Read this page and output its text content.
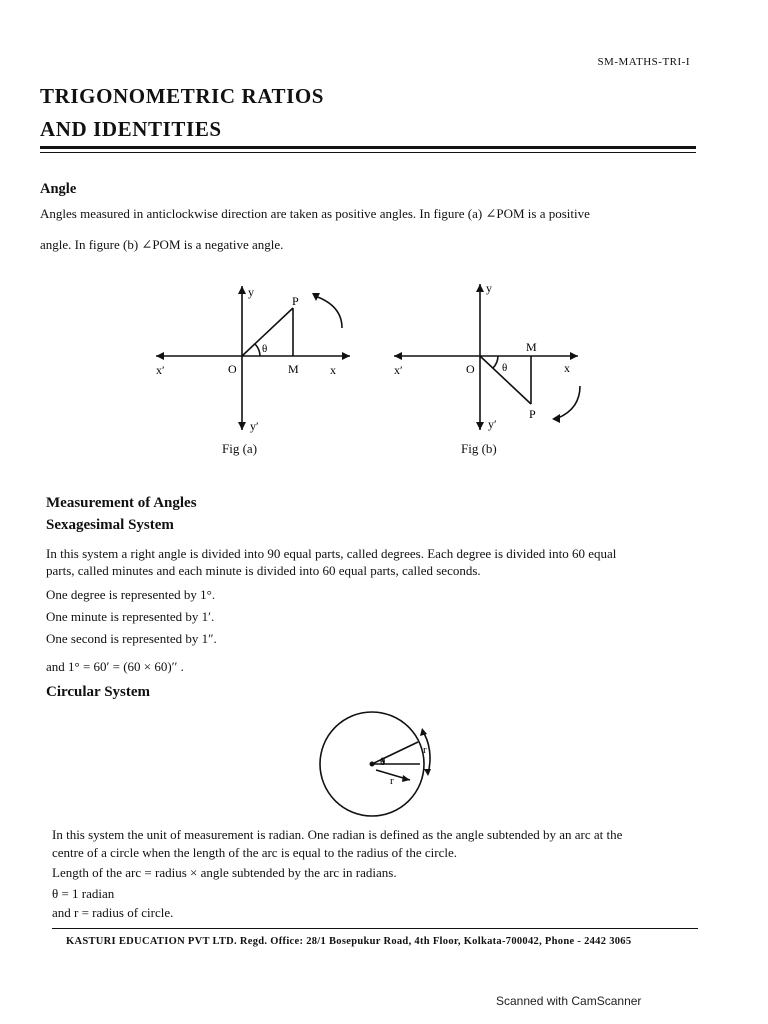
SM-MATHS-TRI-I
TRIGONOMETRIC RATIOS
AND IDENTITIES
Angle
Angles measured in anticlockwise direction are taken as positive angles. In figure (a) ∠POM is a positive
angle. In figure (b) ∠POM is a negative angle.
y
y′
x
x′	O	M
P
θ
Fig (a)
y
y′
x
x′	O
M
P
θ
Fig (b)
Measurement of Angles
Sexagesimal System
In this system a right angle is divided into 90 equal parts, called degrees. Each degree is divided into 60 equal
parts, called minutes and each minute is divided into 60 equal parts, called seconds.
One degree is represented by 1°.
One minute is represented by 1′.
One second is represented by 1″.
and 1° = 60′ = (60 × 60)′′ .
Circular System
θ
r
r
In this system the unit of measurement is radian. One radian is defined as the angle subtended by an arc at the
centre of a circle when the length of the arc is equal to the radius of the circle.
Length of the arc = radius × angle subtended by the arc in radians.
θ = 1 radian
and r = radius of circle.
KASTURI EDUCATION PVT LTD. Regd. Office: 28/1 Bosepukur Road, 4th Floor, Kolkata-700042, Phone - 2442 3065
Scanned with CamScanner
